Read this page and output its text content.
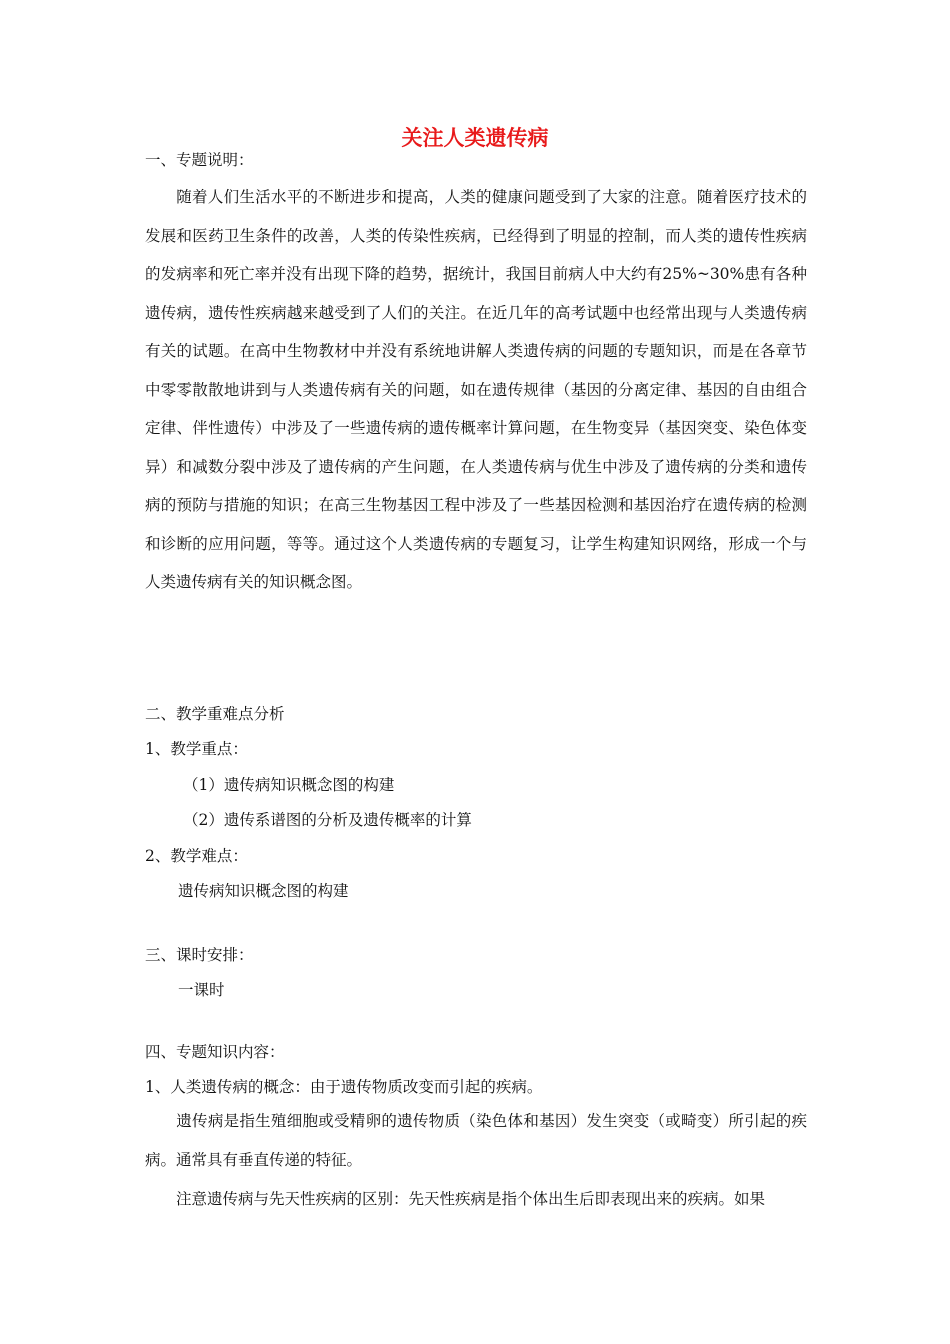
关注人类遗传病
一、专题说明：
随着人们生活水平的不断进步和提高，人类的健康问题受到了大家的注意。随着医疗技术的发展和医药卫生条件的改善，人类的传染性疾病，已经得到了明显的控制，而人类的遗传性疾病的发病率和死亡率并没有出现下降的趋势，据统计，我国目前病人中大约有25%~30%患有各种遗传病，遗传性疾病越来越受到了人们的关注。在近几年的高考试题中也经常出现与人类遗传病有关的试题。在高中生物教材中并没有系统地讲解人类遗传病的问题的专题知识，而是在各章节中零零散散地讲到与人类遗传病有关的问题，如在遗传规律（基因的分离定律、基因的自由组合定律、伴性遗传）中涉及了一些遗传病的遗传概率计算问题，在生物变异（基因突变、染色体变异）和减数分裂中涉及了遗传病的产生问题，在人类遗传病与优生中涉及了遗传病的分类和遗传病的预防与措施的知识；在高三生物基因工程中涉及了一些基因检测和基因治疗在遗传病的检测和诊断的应用问题，等等。通过这个人类遗传病的专题复习，让学生构建知识网络，形成一个与人类遗传病有关的知识概念图。
二、教学重难点分析
1、教学重点：
（1）遗传病知识概念图的构建
（2）遗传系谱图的分析及遗传概率的计算
2、教学难点：
遗传病知识概念图的构建
三、课时安排：
一课时
四、专题知识内容：
1、人类遗传病的概念：由于遗传物质改变而引起的疾病。
遗传病是指生殖细胞或受精卵的遗传物质（染色体和基因）发生突变（或畸变）所引起的疾病。通常具有垂直传递的特征。
注意遗传病与先天性疾病的区别：先天性疾病是指个体出生后即表现出来的疾病。如果
